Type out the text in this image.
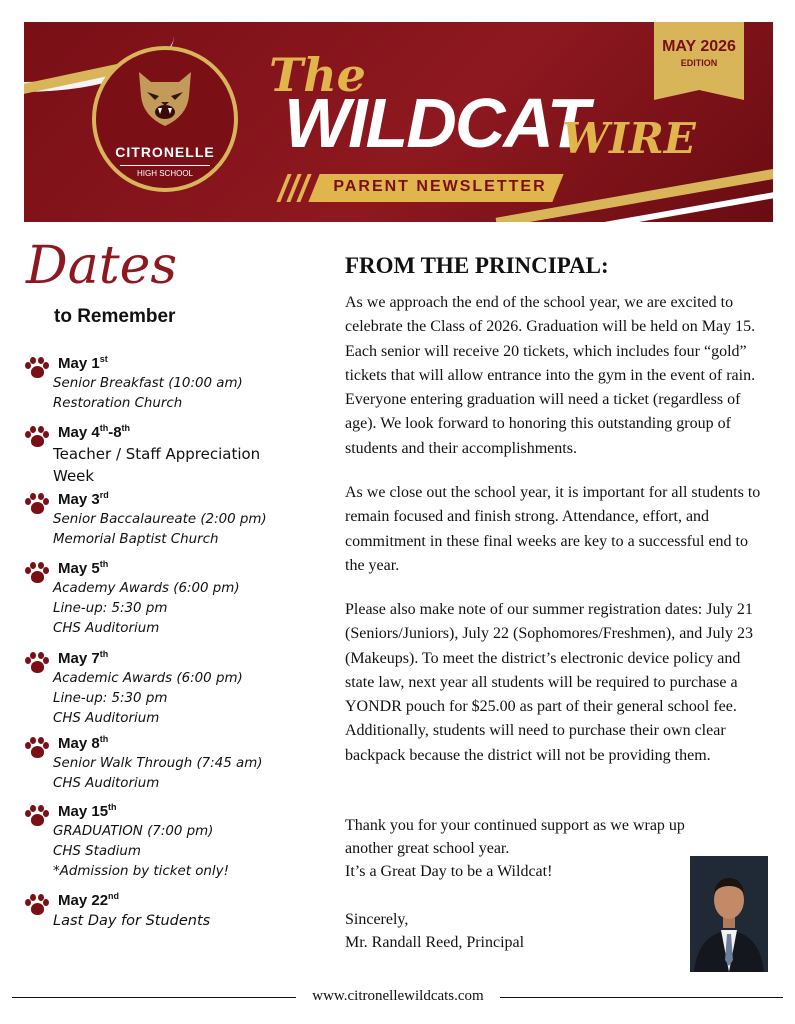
CITRONELLE
HIGH SCHOOL
The
WILDCAT
WIRE
PARENT NEWSLETTER
MAY 2026
EDITION
Dates
to Remember
May 1st
Senior Breakfast (10:00 am)
Restoration Church
May 4th-8th
Teacher / Staff Appreciation
Week
May 3rd
Senior Baccalaureate (2:00 pm)
Memorial Baptist Church
May 5th
Academy Awards (6:00 pm)
Line-up: 5:30 pm
CHS Auditorium
May 7th
Academic Awards (6:00 pm)
Line-up: 5:30 pm
CHS Auditorium
May 8th
Senior Walk Through (7:45 am)
CHS Auditorium
May 15th
GRADUATION (7:00 pm)
CHS Stadium
*Admission by ticket only!
May 22nd
Last Day for Students
FROM THE PRINCIPAL:

As we approach the end of the school year, we are excited to celebrate the Class of 2026. Graduation will be held on May 15. Each senior will receive 20 tickets, which includes four “gold” tickets that will allow entrance into the gym in the event of rain. Everyone entering graduation will need a ticket (regardless of age). We look forward to honoring this outstanding group of students and their accomplishments.

As we close out the school year, it is important for all students to remain focused and finish strong. Attendance, effort, and commitment in these final weeks are key to a successful end to the year.

Please also make note of our summer registration dates: July 21 (Seniors/Juniors), July 22 (Sophomores/Freshmen), and July 23 (Makeups). To meet the district’s electronic device policy and state law, next year all students will be required to purchase a YONDR pouch for $25.00 as part of their general school fee. Additionally, students will need to purchase their own clear backpack because the district will not be providing them.

Thank you for your continued support as we wrap up
another great school year.
It’s a Great Day to be a Wildcat!
Sincerely,
Mr. Randall Reed, Principal
www.citronellewildcats.com
